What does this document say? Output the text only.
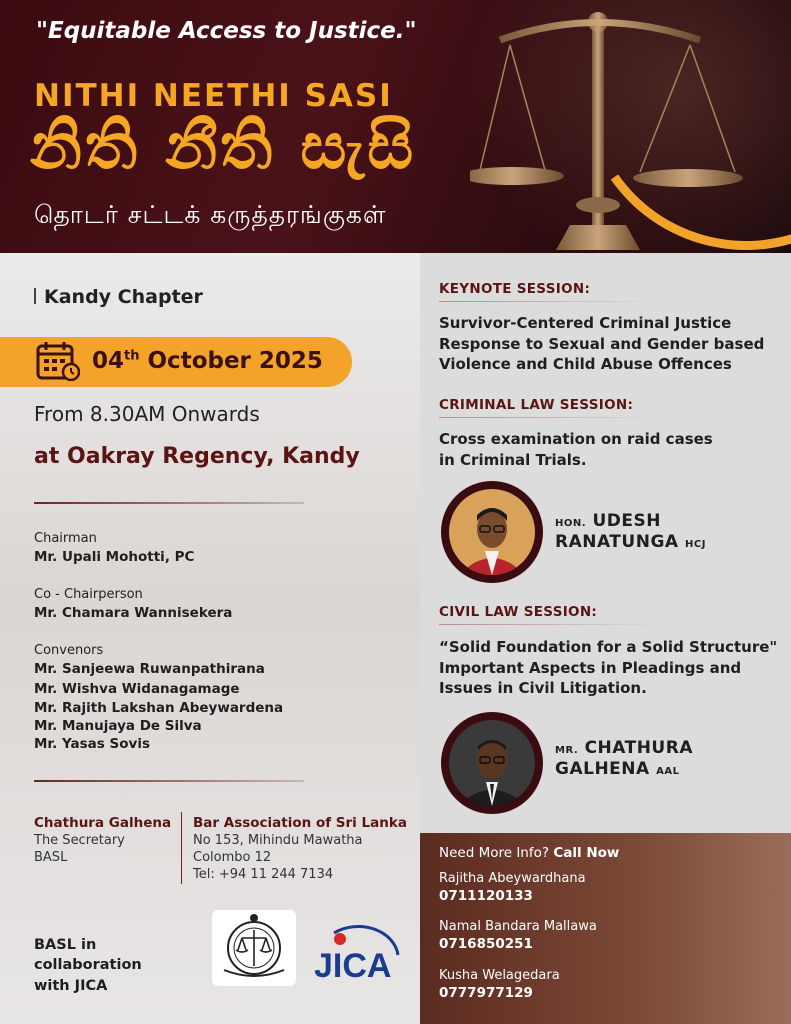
"Equitable Access to Justice."
NITHI NEETHI SASI
නිති නීති සැසි
தொடர் சட்டக் கருத்தரங்குகள்
Kandy Chapter
04th October 2025
From 8.30AM Onwards
at Oakray Regency, Kandy
Chairman
Mr. Upali Mohotti, PC
Co - Chairperson
Mr. Chamara Wannisekera
Convenors
Mr. Sanjeewa Ruwanpathirana
Mr. Wishva Widanagamage
Mr. Rajith Lakshan Abeywardena
Mr. Manujaya De Silva
Mr. Yasas Sovis
Chathura Galhena
The Secretary
BASL
Bar Association of Sri Lanka
No 153, Mihindu Mawatha
Colombo 12
Tel: +94 11 244 7134
BASL in collaboration
with JICA
JICA
KEYNOTE SESSION:
Survivor-Centered Criminal Justice
Response to Sexual and Gender based
Violence and Child Abuse Offences
CRIMINAL LAW SESSION:
Cross examination on raid cases
in Criminal Trials.
HON. UDESH
RANATUNGA HCJ
CIVIL LAW SESSION:
“Solid Foundation for a Solid Structure"
Important Aspects in Pleadings and
Issues in Civil Litigation.
MR. CHATHURA
GALHENA AAL
Need More Info? Call Now
Rajitha Abeywardhana
0711120133
Namal Bandara Mallawa
0716850251
Kusha Welagedara
0777977129
